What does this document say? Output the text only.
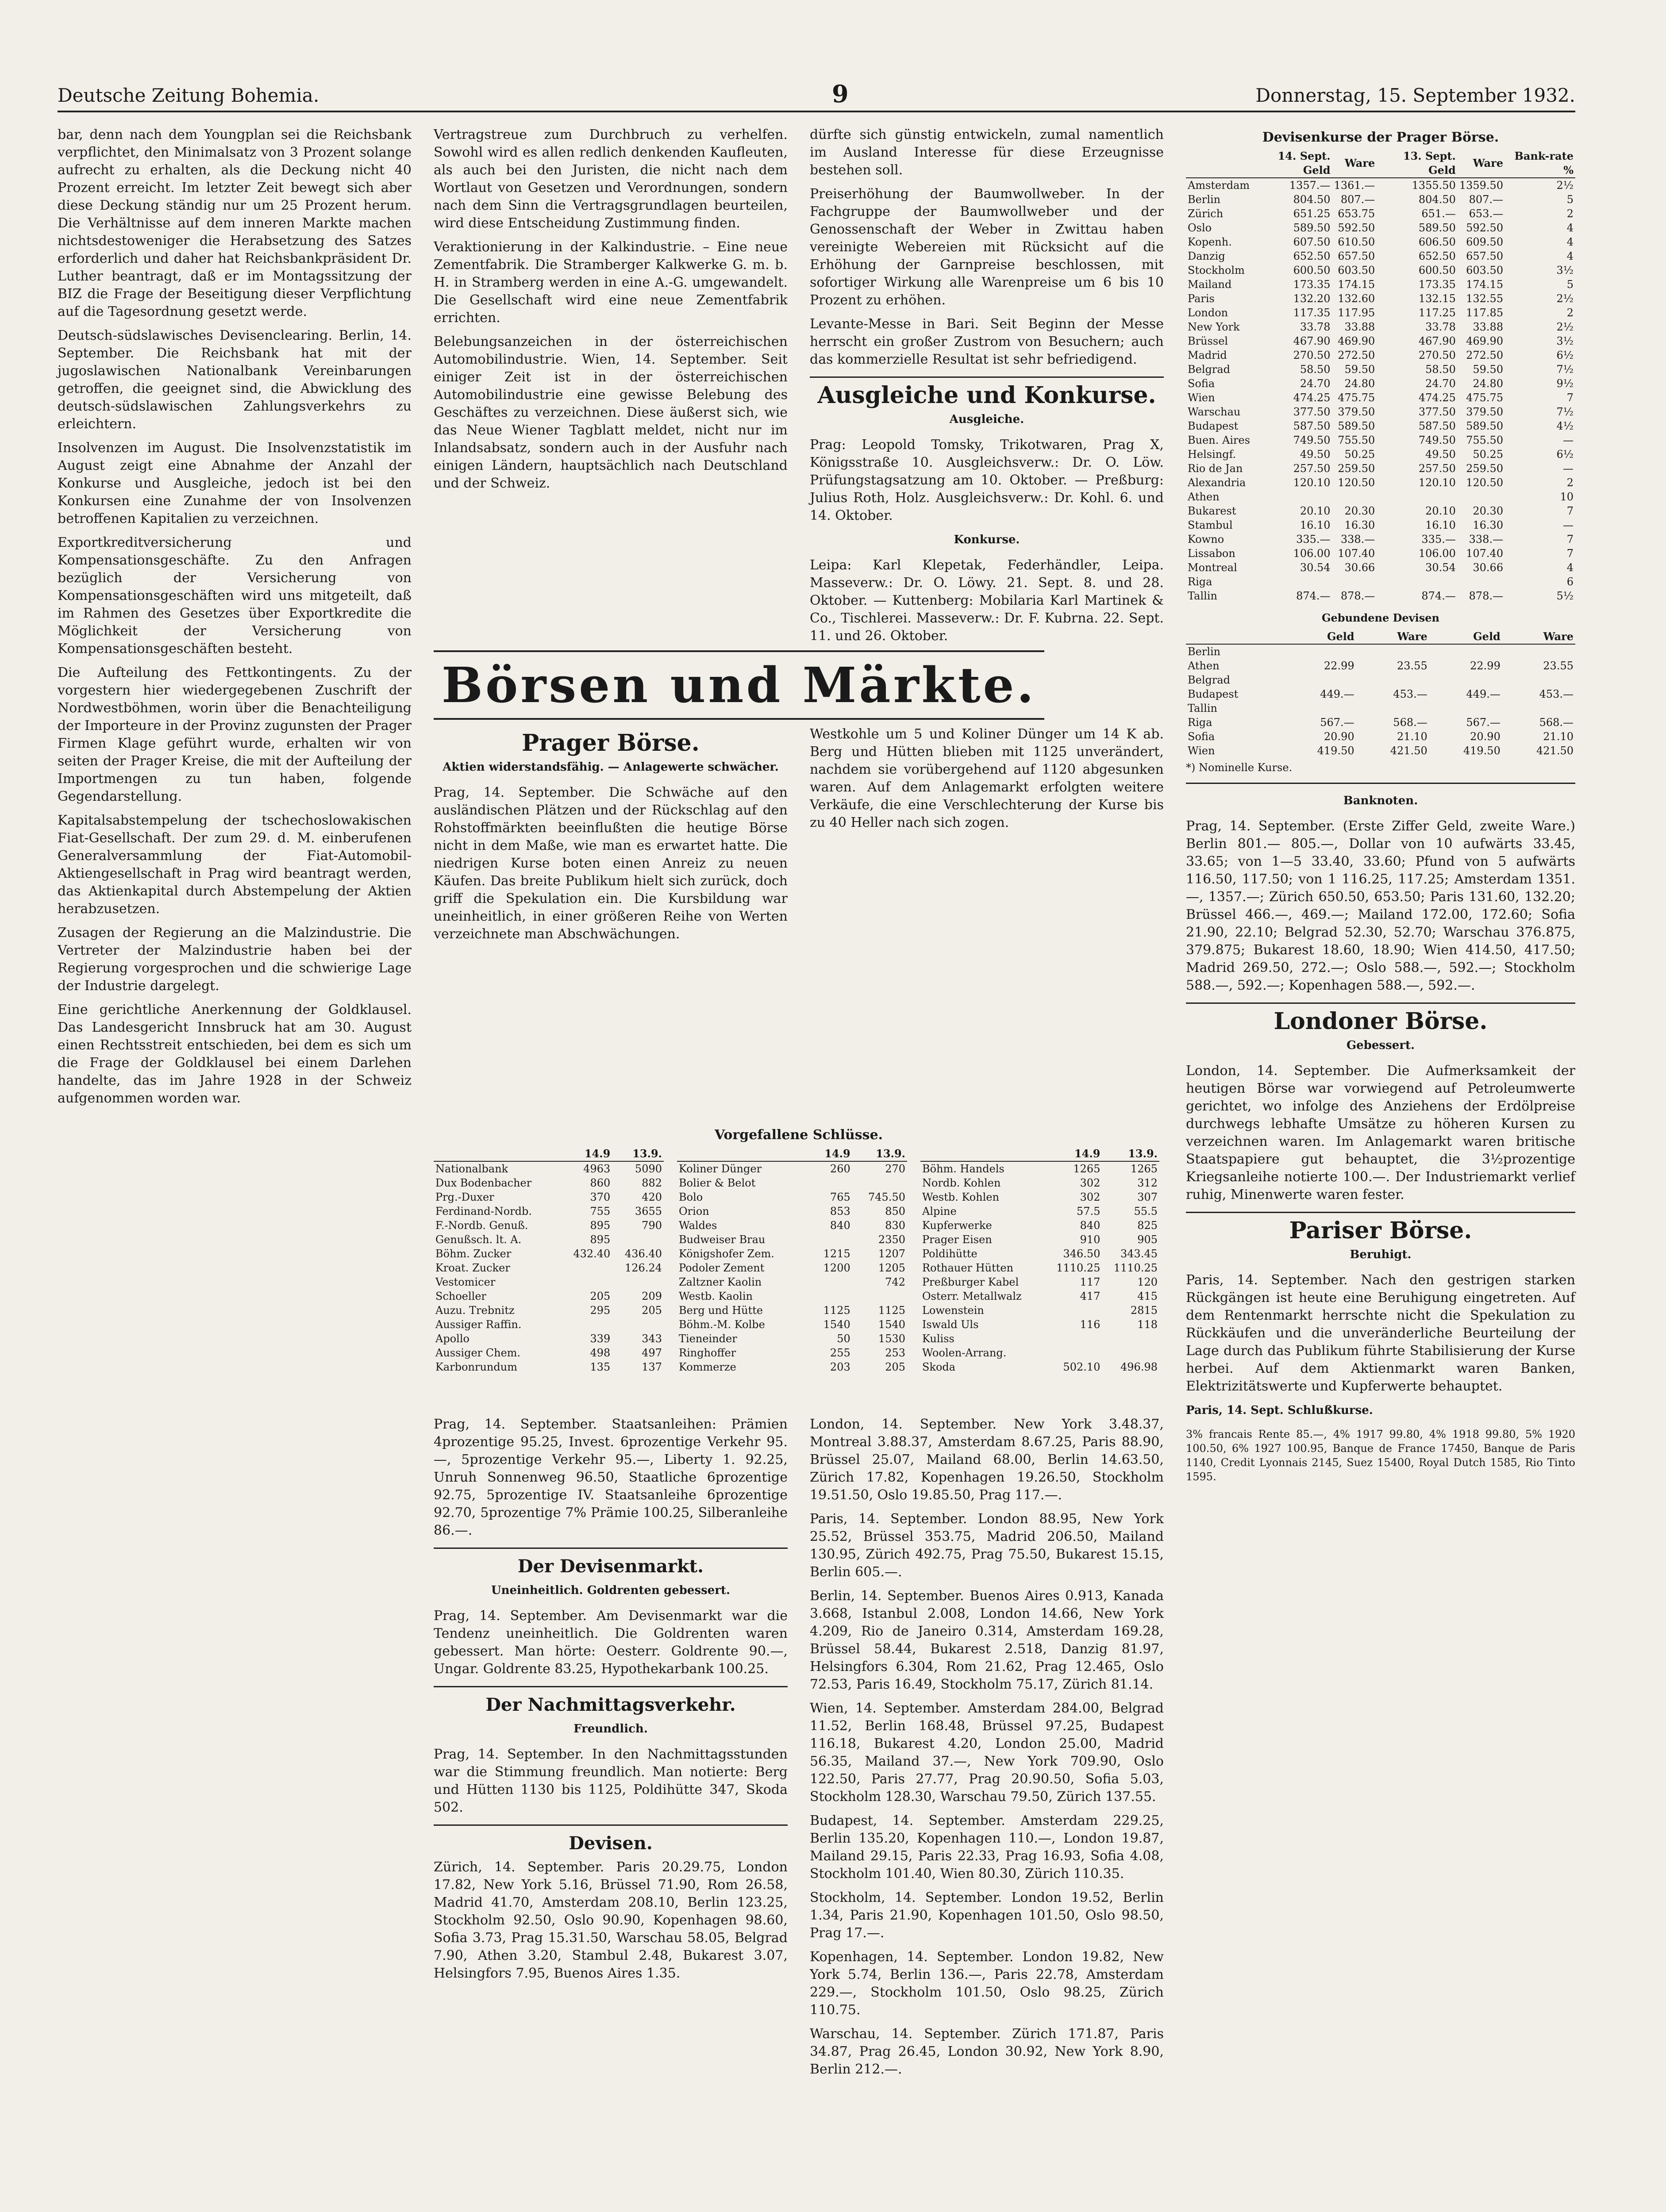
Deutsche Zeitung Bohemia.	9	Donnerstag, 15. September 1932.

bar, denn nach dem Youngplan sei die Reichsbank verpflichtet, den Minimalsatz von 3 Prozent solange aufrecht zu erhalten, als die Deckung nicht 40 Prozent erreicht. Im letzter Zeit bewegt sich aber diese Deckung ständig nur um 25 Prozent herum. Die Verhältnisse auf dem inneren Markte machen nichtsdestoweniger die Herabsetzung des Satzes erforderlich und daher hat Reichsbankpräsident Dr. Luther beantragt, daß er im Montagssitzung der BIZ die Frage der Beseitigung dieser Verpflichtung auf die Tagesordnung gesetzt werde.

Deutsch-südslawisches Devisenclearing. Berlin, 14. September. Die Reichsbank hat mit der jugoslawischen Nationalbank Vereinbarungen getroffen, die geeignet sind, die Abwicklung des deutsch-südslawischen Zahlungsverkehrs zu erleichtern.

Insolvenzen im August. Die Insolvenzstatistik im August zeigt eine Abnahme der Anzahl der Konkurse und Ausgleiche, jedoch ist bei den Konkursen eine Zunahme der von Insolvenzen betroffenen Kapitalien zu verzeichnen.

Exportkreditversicherung und Kompensationsgeschäfte. Zu den Anfragen bezüglich der Versicherung von Kompensationsgeschäften wird uns mitgeteilt, daß im Rahmen des Gesetzes über Exportkredite die Möglichkeit der Versicherung von Kompensationsgeschäften besteht.

Die Aufteilung des Fettkontingents. Zu der vorgestern hier wiedergegebenen Zuschrift der Nordwestböhmen, worin über die Benachteiligung der Importeure in der Provinz zugunsten der Prager Firmen Klage geführt wurde, erhalten wir von seiten der Prager Kreise, die mit der Aufteilung der Importmengen zu tun haben, folgende Gegendarstellung.

Kapitalsabstempelung der tschechoslowakischen Fiat-Gesellschaft. Der zum 29. d. M. einberufenen Generalversammlung der Fiat-Automobil-Aktiengesellschaft in Prag wird beantragt werden, das Aktienkapital durch Abstempelung der Aktien herabzusetzen.

Zusagen der Regierung an die Malzindustrie. Die Vertreter der Malzindustrie haben bei der Regierung vorgesprochen und die schwierige Lage der Industrie dargelegt.

Eine gerichtliche Anerkennung der Goldklausel. Das Landesgericht Innsbruck hat am 30. August einen Rechtsstreit entschieden, bei dem es sich um die Frage der Goldklausel bei einem Darlehen handelte, das im Jahre 1928 in der Schweiz aufgenommen worden war.

Vertragstreue zum Durchbruch zu verhelfen. Sowohl wird es allen redlich denkenden Kaufleuten, als auch bei den Juristen, die nicht nach dem Wortlaut von Gesetzen und Verordnungen, sondern nach dem Sinn die Vertragsgrundlagen beurteilen, wird diese Entscheidung Zustimmung finden.

Veraktionierung in der Kalkindustrie. – Eine neue Zementfabrik. Die Stramberger Kalkwerke G. m. b. H. in Stramberg werden in eine A.-G. umgewandelt. Die Gesellschaft wird eine neue Zementfabrik errichten.

Belebungsanzeichen in der österreichischen Automobilindustrie. Wien, 14. September. Seit einiger Zeit ist in der österreichischen Automobilindustrie eine gewisse Belebung des Geschäftes zu verzeichnen. Diese äußerst sich, wie das Neue Wiener Tagblatt meldet, nicht nur im Inlandsabsatz, sondern auch in der Ausfuhr nach einigen Ländern, hauptsächlich nach Deutschland und der Schweiz.

dürfte sich günstig entwickeln, zumal namentlich im Ausland Interesse für diese Erzeugnisse bestehen soll.

Preiserhöhung der Baumwollweber. In der Fachgruppe der Baumwollweber und der Genossenschaft der Weber in Zwittau haben vereinigte Webereien mit Rücksicht auf die Erhöhung der Garnpreise beschlossen, mit sofortiger Wirkung alle Warenpreise um 6 bis 10 Prozent zu erhöhen.

Levante-Messe in Bari. Seit Beginn der Messe herrscht ein großer Zustrom von Besuchern; auch das kommerzielle Resultat ist sehr befriedigend.

Ausgleiche und Konkurse.
Ausgleiche.

Prag: Leopold Tomsky, Trikotwaren, Prag X, Königsstraße 10. Ausgleichsverw.: Dr. O. Löw. Prüfungstagsatzung am 10. Oktober. — Preßburg: Julius Roth, Holz. Ausgleichsverw.: Dr. Kohl. 6. und 14. Oktober.

Konkurse.

Leipa: Karl Klepetak, Federhändler, Leipa. Masseverw.: Dr. O. Löwy. 21. Sept. 8. und 28. Oktober. — Kuttenberg: Mobilaria Karl Martinek & Co., Tischlerei. Masseverw.: Dr. F. Kubrna. 22. Sept. 11. und 26. Oktober.

Börsen und Märkte.
Prager Börse.
Aktien widerstandsfähig. — Anlagewerte schwächer.

Prag, 14. September. Die Schwäche auf den ausländischen Plätzen und der Rückschlag auf den Rohstoffmärkten beeinflußten die heutige Börse nicht in dem Maße, wie man es erwartet hatte. Die niedrigen Kurse boten einen Anreiz zu neuen Käufen. Das breite Publikum hielt sich zurück, doch griff die Spekulation ein. Die Kursbildung war uneinheitlich, in einer größeren Reihe von Werten verzeichnete man Abschwächungen.

Westkohle um 5 und Koliner Dünger um 14 K ab. Berg und Hütten blieben mit 1125 unverändert, nachdem sie vorübergehend auf 1120 abgesunken waren. Auf dem Anlagemarkt erfolgten weitere Verkäufe, die eine Verschlechterung der Kurse bis zu 40 Heller nach sich zogen.

Vorgefallene Schlüsse.
	14.9	13.9.
Nationalbank	4963	5090
Dux Bodenbacher	860	882
Prg.-Duxer	370	420
Ferdinand-Nordb.	755	3655
F.-Nordb. Genuß.	895	790
Genußsch. lt. A.	895	
Böhm. Zucker	432.40	436.40
Kroat. Zucker		126.24
Vestomicer		
Schoeller	205	209
Auzu. Trebnitz	295	205
Aussiger Raffin.		
Apollo	339	343
Aussiger Chem.	498	497
Karbonrundum	135	137
	14.9	13.9.
Koliner Dünger	260	270
Bolier & Belot		
Bolo	765	745.50
Orion	853	850
Waldes	840	830
Budweiser Brau		2350
Königshofer Zem.	1215	1207
Podoler Zement	1200	1205
Zaltzner Kaolin		742
Westb. Kaolin		
Berg und Hütte	1125	1125
Böhm.-M. Kolbe	1540	1540
Tieneinder	50	1530
Ringhoffer	255	253
Kommerze	203	205
	14.9	13.9.
Böhm. Handels	1265	1265
Nordb. Kohlen	302	312
Westb. Kohlen	302	307
Alpine	57.5	55.5
Kupferwerke	840	825
Prager Eisen	910	905
Poldihütte	346.50	343.45
Rothauer Hütten	1110.25	1110.25
Preßburger Kabel	117	120
Osterr. Metallwalz	417	415
Lowenstein		2815
Iswald Uls	116	118
Kuliss		
Woolen-Arrang.		
Skoda	502.10	496.98

Prag, 14. September. Staatsanleihen: Prämien 4prozentige 95.25, Invest. 6prozentige Verkehr 95.—, 5prozentige Verkehr 95.—, Liberty 1. 92.25, Unruh Sonnenweg 96.50, Staatliche 6prozentige 92.75, 5prozentige IV. Staatsanleihe 6prozentige 92.70, 5prozentige 7% Prämie 100.25, Silberanleihe 86.—.

Der Devisenmarkt.
Uneinheitlich. Goldrenten gebessert.

Prag, 14. September. Am Devisenmarkt war die Tendenz uneinheitlich. Die Goldrenten waren gebessert. Man hörte: Oesterr. Goldrente 90.—, Ungar. Goldrente 83.25, Hypothekarbank 100.25.

Der Nachmittagsverkehr.
Freundlich.

Prag, 14. September. In den Nachmittagsstunden war die Stimmung freundlich. Man notierte: Berg und Hütten 1130 bis 1125, Poldihütte 347, Skoda 502.

Devisen.

Zürich, 14. September. Paris 20.29.75, London 17.82, New York 5.16, Brüssel 71.90, Rom 26.58, Madrid 41.70, Amsterdam 208.10, Berlin 123.25, Stockholm 92.50, Oslo 90.90, Kopenhagen 98.60, Sofia 3.73, Prag 15.31.50, Warschau 58.05, Belgrad 7.90, Athen 3.20, Stambul 2.48, Bukarest 3.07, Helsingfors 7.95, Buenos Aires 1.35.

London, 14. September. New York 3.48.37, Montreal 3.88.37, Amsterdam 8.67.25, Paris 88.90, Brüssel 25.07, Mailand 68.00, Berlin 14.63.50, Zürich 17.82, Kopenhagen 19.26.50, Stockholm 19.51.50, Oslo 19.85.50, Prag 117.—.

Paris, 14. September. London 88.95, New York 25.52, Brüssel 353.75, Madrid 206.50, Mailand 130.95, Zürich 492.75, Prag 75.50, Bukarest 15.15, Berlin 605.—.

Berlin, 14. September. Buenos Aires 0.913, Kanada 3.668, Istanbul 2.008, London 14.66, New York 4.209, Rio de Janeiro 0.314, Amsterdam 169.28, Brüssel 58.44, Bukarest 2.518, Danzig 81.97, Helsingfors 6.304, Rom 21.62, Prag 12.465, Oslo 72.53, Paris 16.49, Stockholm 75.17, Zürich 81.14.

Wien, 14. September. Amsterdam 284.00, Belgrad 11.52, Berlin 168.48, Brüssel 97.25, Budapest 116.18, Bukarest 4.20, London 25.00, Madrid 56.35, Mailand 37.—, New York 709.90, Oslo 122.50, Paris 27.77, Prag 20.90.50, Sofia 5.03, Stockholm 128.30, Warschau 79.50, Zürich 137.55.

Budapest, 14. September. Amsterdam 229.25, Berlin 135.20, Kopenhagen 110.—, London 19.87, Mailand 29.15, Paris 22.33, Prag 16.93, Sofia 4.08, Stockholm 101.40, Wien 80.30, Zürich 110.35.

Stockholm, 14. September. London 19.52, Berlin 1.34, Paris 21.90, Kopenhagen 101.50, Oslo 98.50, Prag 17.—.

Kopenhagen, 14. September. London 19.82, New York 5.74, Berlin 136.—, Paris 22.78, Amsterdam 229.—, Stockholm 101.50, Oslo 98.25, Zürich 110.75.

Warschau, 14. September. Zürich 171.87, Paris 34.87, Prag 26.45, London 30.92, New York 8.90, Berlin 212.—.

Devisenkurse der Prager Börse.
	14. Sept. Geld	Ware	13. Sept. Geld	Ware	Bank-rate %
Amsterdam	1357.—	1361.—	1355.50	1359.50	2½
Berlin	804.50	807.—	804.50	807.—	5
Zürich	651.25	653.75	651.—	653.—	2
Oslo	589.50	592.50	589.50	592.50	4
Kopenh.	607.50	610.50	606.50	609.50	4
Danzig	652.50	657.50	652.50	657.50	4
Stockholm	600.50	603.50	600.50	603.50	3½
Mailand	173.35	174.15	173.35	174.15	5
Paris	132.20	132.60	132.15	132.55	2½
London	117.35	117.95	117.25	117.85	2
New York	33.78	33.88	33.78	33.88	2½
Brüssel	467.90	469.90	467.90	469.90	3½
Madrid	270.50	272.50	270.50	272.50	6½
Belgrad	58.50	59.50	58.50	59.50	7½
Sofia	24.70	24.80	24.70	24.80	9½
Wien	474.25	475.75	474.25	475.75	7
Warschau	377.50	379.50	377.50	379.50	7½
Budapest	587.50	589.50	587.50	589.50	4½
Buen. Aires	749.50	755.50	749.50	755.50	—
Helsingf.	49.50	50.25	49.50	50.25	6½
Rio de Jan	257.50	259.50	257.50	259.50	—
Alexandria	120.10	120.50	120.10	120.50	2
Athen					10
Bukarest	20.10	20.30	20.10	20.30	7
Stambul	16.10	16.30	16.10	16.30	—
Kowno	335.—	338.—	335.—	338.—	7
Lissabon	106.00	107.40	106.00	107.40	7
Montreal	30.54	30.66	30.54	30.66	4
Riga					6
Tallin	874.—	878.—	874.—	878.—	5½
Gebundene Devisen
	Geld	Ware	Geld	Ware
Berlin				
Athen	22.99	23.55	22.99	23.55
Belgrad				
Budapest	449.—	453.—	449.—	453.—
Tallin				
Riga	567.—	568.—	567.—	568.—
Sofia	20.90	21.10	20.90	21.10
Wien	419.50	421.50	419.50	421.50
*) Nominelle Kurse.
Banknoten.

Prag, 14. September. (Erste Ziffer Geld, zweite Ware.) Berlin 801.— 805.—, Dollar von 10 aufwärts 33.45, 33.65; von 1—5 33.40, 33.60; Pfund von 5 aufwärts 116.50, 117.50; von 1 116.25, 117.25; Amsterdam 1351.—, 1357.—; Zürich 650.50, 653.50; Paris 131.60, 132.20; Brüssel 466.—, 469.—; Mailand 172.00, 172.60; Sofia 21.90, 22.10; Belgrad 52.30, 52.70; Warschau 376.875, 379.875; Bukarest 18.60, 18.90; Wien 414.50, 417.50; Madrid 269.50, 272.—; Oslo 588.—, 592.—; Stockholm 588.—, 592.—; Kopenhagen 588.—, 592.—.

Londoner Börse.
Gebessert.

London, 14. September. Die Aufmerksamkeit der heutigen Börse war vorwiegend auf Petroleumwerte gerichtet, wo infolge des Anziehens der Erdölpreise durchwegs lebhafte Umsätze zu höheren Kursen zu verzeichnen waren. Im Anlagemarkt waren britische Staatspapiere gut behauptet, die 3½prozentige Kriegsanleihe notierte 100.—. Der Industriemarkt verlief ruhig, Minenwerte waren fester.

Pariser Börse.
Beruhigt.

Paris, 14. September. Nach den gestrigen starken Rückgängen ist heute eine Beruhigung eingetreten. Auf dem Rentenmarkt herrschte nicht die Spekulation zu Rückkäufen und die unveränderliche Beurteilung der Lage durch das Publikum führte Stabilisierung der Kurse herbei. Auf dem Aktienmarkt waren Banken, Elektrizitätswerte und Kupferwerte behauptet.

Paris, 14. Sept. Schlußkurse.

3% francais Rente 85.—, 4% 1917 99.80, 4% 1918 99.80, 5% 1920 100.50, 6% 1927 100.95, Banque de France 17450, Banque de Paris 1140, Credit Lyonnais 2145, Suez 15400, Royal Dutch 1585, Rio Tinto 1595.
